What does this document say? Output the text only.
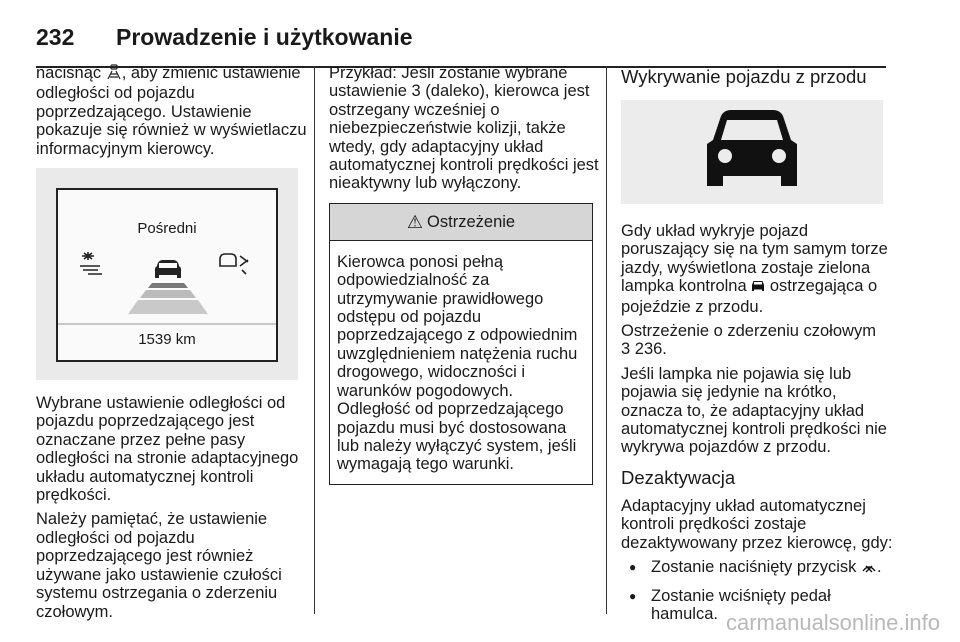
232 Prowadzenie i użytkowanie

nacisnąć , aby zmienić ustawienie
odległości od pojazdu
poprzedzającego. Ustawienie
pokazuje się również w wyświetlaczu
informacyjnym kierowcy.

Pośredni
1539 km

Wybrane ustawienie odległości od
pojazdu poprzedzającego jest
oznaczane przez pełne pasy
odległości na stronie adaptacyjnego
układu automatycznej kontroli
prędkości.

Należy pamiętać, że ustawienie
odległości od pojazdu
poprzedzającego jest również
używane jako ustawienie czułości
systemu ostrzegania o zderzeniu
czołowym.

Przykład: Jeśli zostanie wybrane
ustawienie 3 (daleko), kierowca jest
ostrzegany wcześniej o
niebezpieczeństwie kolizji, także
wtedy, gdy adaptacyjny układ
automatycznej kontroli prędkości jest
nieaktywny lub wyłączony.

⚠ Ostrzeżenie
Kierowca ponosi pełną
odpowiedzialność za
utrzymywanie prawidłowego
odstępu od pojazdu
poprzedzającego z odpowiednim
uwzględnieniem natężenia ruchu
drogowego, widoczności i
warunków pogodowych.
Odległość od poprzedzającego
pojazdu musi być dostosowana
lub należy wyłączyć system, jeśli
wymagają tego warunki.
Wykrywanie pojazdu z przodu

Gdy układ wykryje pojazd
poruszający się na tym samym torze
jazdy, wyświetlona zostaje zielona
lampka kontrolna ostrzegająca o
pojeździe z przodu.

Ostrzeżenie o zderzeniu czołowym
3 236.

Jeśli lampka nie pojawia się lub
pojawia się jedynie na krótko,
oznacza to, że adaptacyjny układ
automatycznej kontroli prędkości nie
wykrywa pojazdów z przodu.

Dezaktywacja

Adaptacyjny układ automatycznej
kontroli prędkości zostaje
dezaktywowany przez kierowcę, gdy:

● Zostanie naciśnięty przycisk .
● Zostanie wciśnięty pedał
hamulca. carmanualsonline.info
